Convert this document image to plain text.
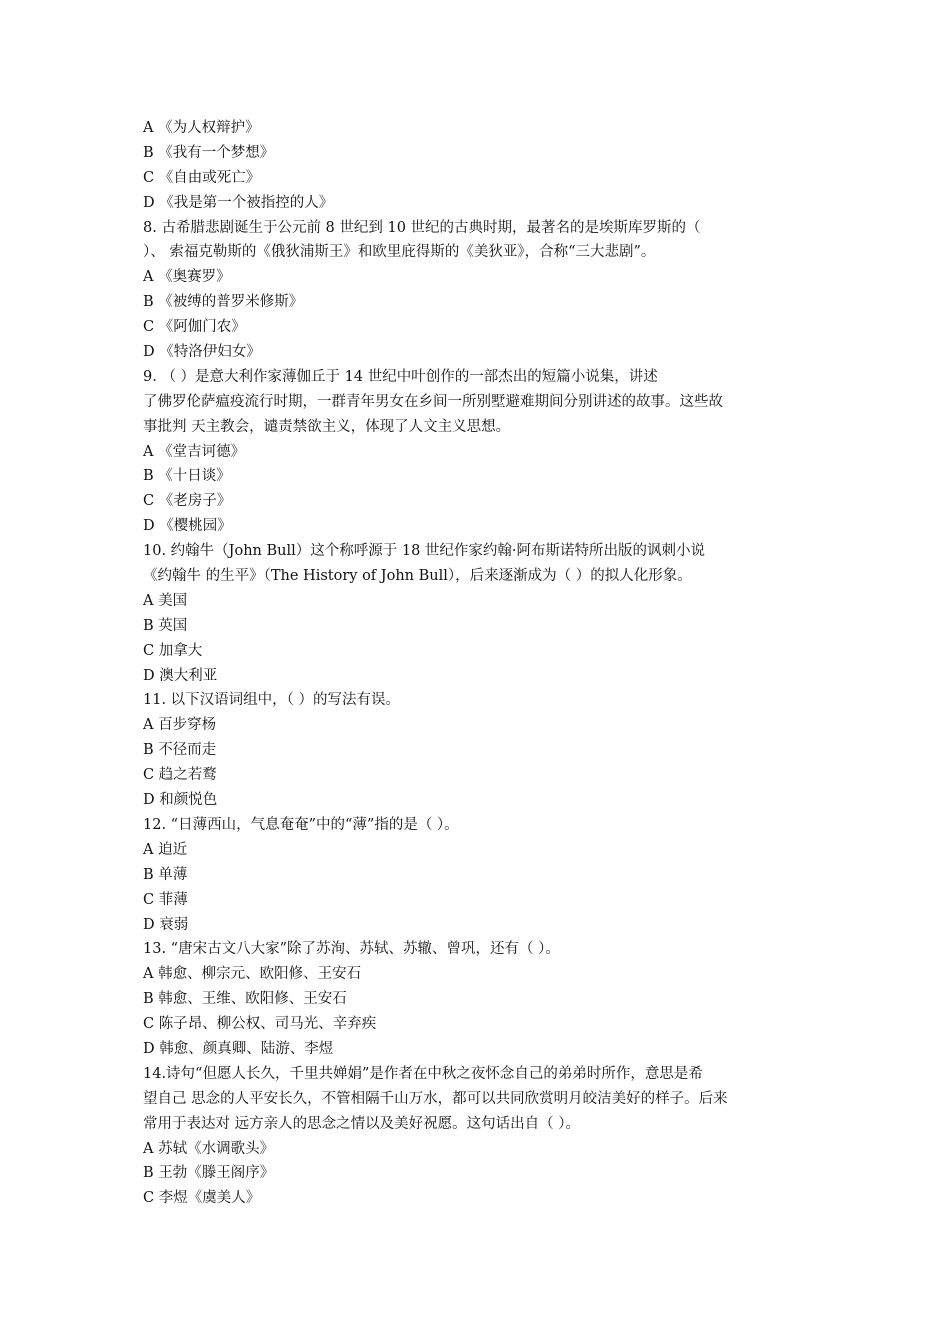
A 《为人权辩护》
B 《我有一个梦想》
C 《自由或死亡》
D 《我是第一个被指控的人》
8. 古希腊悲剧诞生于公元前 8 世纪到 10 世纪的古典时期，最著名的是埃斯库罗斯的（
）、 索福克勒斯的《俄狄浦斯王》和欧里庇得斯的《美狄亚》，合称“三大悲剧”。
A 《奥赛罗》
B 《被缚的普罗米修斯》
C 《阿伽门农》
D 《特洛伊妇女》
9. （ ）是意大利作家薄伽丘于 14 世纪中叶创作的一部杰出的短篇小说集，讲述
了佛罗伦萨瘟疫流行时期，一群青年男女在乡间一所别墅避难期间分别讲述的故事。这些故
事批判 天主教会，谴责禁欲主义，体现了人文主义思想。
A 《堂吉诃德》
B 《十日谈》
C 《老房子》
D 《樱桃园》
10. 约翰牛（John Bull）这个称呼源于 18 世纪作家约翰·阿布斯诺特所出版的讽刺小说
《约翰牛 的生平》（The History of John Bull），后来逐渐成为（ ）的拟人化形象。
A 美国
B 英国
C 加拿大
D 澳大利亚
11. 以下汉语词组中，（ ）的写法有误。
A 百步穿杨
B 不径而走
C 趋之若鹜
D 和颜悦色
12. “日薄西山，气息奄奄”中的“薄”指的是（ ）。
A 迫近
B 单薄
C 菲薄
D 衰弱
13. “唐宋古文八大家”除了苏洵、苏轼、苏辙、曾巩，还有（ ）。
A 韩愈、柳宗元、欧阳修、王安石
B 韩愈、王维、欧阳修、王安石
C 陈子昂、柳公权、司马光、辛弃疾
D 韩愈、颜真卿、陆游、李煜
14.诗句“但愿人长久，千里共婵娟”是作者在中秋之夜怀念自己的弟弟时所作，意思是希
望自己 思念的人平安长久，不管相隔千山万水，都可以共同欣赏明月皎洁美好的样子。后来
常用于表达对 远方亲人的思念之情以及美好祝愿。这句话出自（ ）。
A 苏轼《水调歌头》
B 王勃《滕王阁序》
C 李煜《虞美人》
